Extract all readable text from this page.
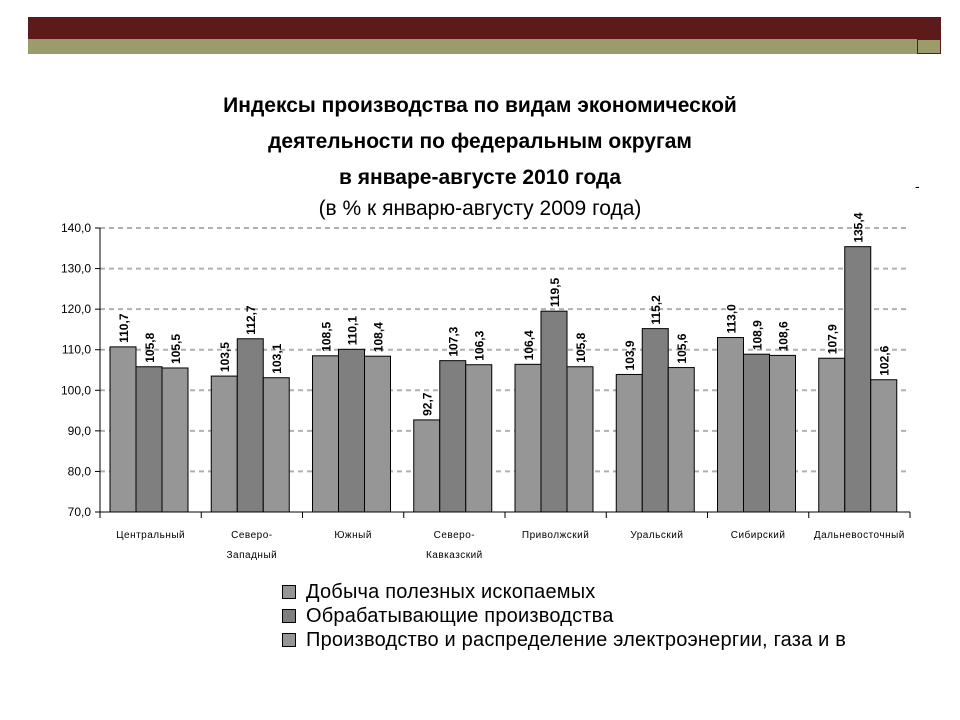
Индексы производства по видам экономической
деятельности по федеральным округам
в январе-августе 2010 года
(в % к январю-августу 2009 года)
-
70,0
80,0
90,0
100,0
110,0
120,0
130,0
140,0
Центральный
110,7
105,8 105,5
Северо-
Западный
103,5
112,7
103,1
Южный
108,5 110,1 108,4
Северо-
Кавказский
92,7
107,3 106,3
Приволжский
106,4
119,5
105,8
Уральский
103,9
115,2
105,6
Сибирский
113,0
108,9 108,6
Дальневосточный
107,9
135,4
102,6
Добыча полезных ископаемых
Обрабатывающие производства
Производство и распределение электроэнергии, газа и в
